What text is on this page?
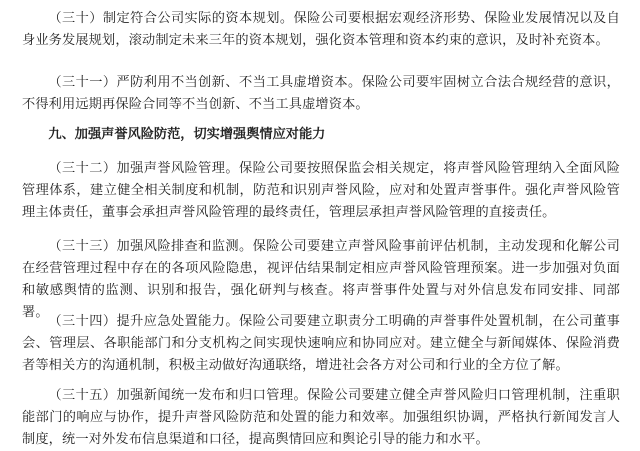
（三十）制定符合公司实际的资本规划。保险公司要根据宏观经济形势、保险业发展情况以及自身业务发展规划，滚动制定未来三年的资本规划，强化资本管理和资本约束的意识，及时补充资本。

（三十一）严防利用不当创新、不当工具虚增资本。保险公司要牢固树立合法合规经营的意识，不得利用远期再保险合同等不当创新、不当工具虚增资本。

九、加强声誉风险防范，切实增强舆情应对能力

（三十二）加强声誉风险管理。保险公司要按照保监会相关规定，将声誉风险管理纳入全面风险管理体系，建立健全相关制度和机制，防范和识别声誉风险，应对和处置声誉事件。强化声誉风险管理主体责任，董事会承担声誉风险管理的最终责任，管理层承担声誉风险管理的直接责任。

（三十三）加强风险排查和监测。保险公司要建立声誉风险事前评估机制，主动发现和化解公司在经营管理过程中存在的各项风险隐患，视评估结果制定相应声誉风险管理预案。进一步加强对负面和敏感舆情的监测、识别和报告，强化研判与核查。将声誉事件处置与对外信息发布同安排、同部署。

（三十四）提升应急处置能力。保险公司要建立职责分工明确的声誉事件处置机制，在公司董事会、管理层、各职能部门和分支机构之间实现快速响应和协同应对。建立健全与新闻媒体、保险消费者等相关方的沟通机制，积极主动做好沟通联络，增进社会各方对公司和行业的全方位了解。

（三十五）加强新闻统一发布和归口管理。保险公司要建立健全声誉风险归口管理机制，注重职能部门的响应与协作，提升声誉风险防范和处置的能力和效率。加强组织协调，严格执行新闻发言人制度，统一对外发布信息渠道和口径，提高舆情回应和舆论引导的能力和水平。
